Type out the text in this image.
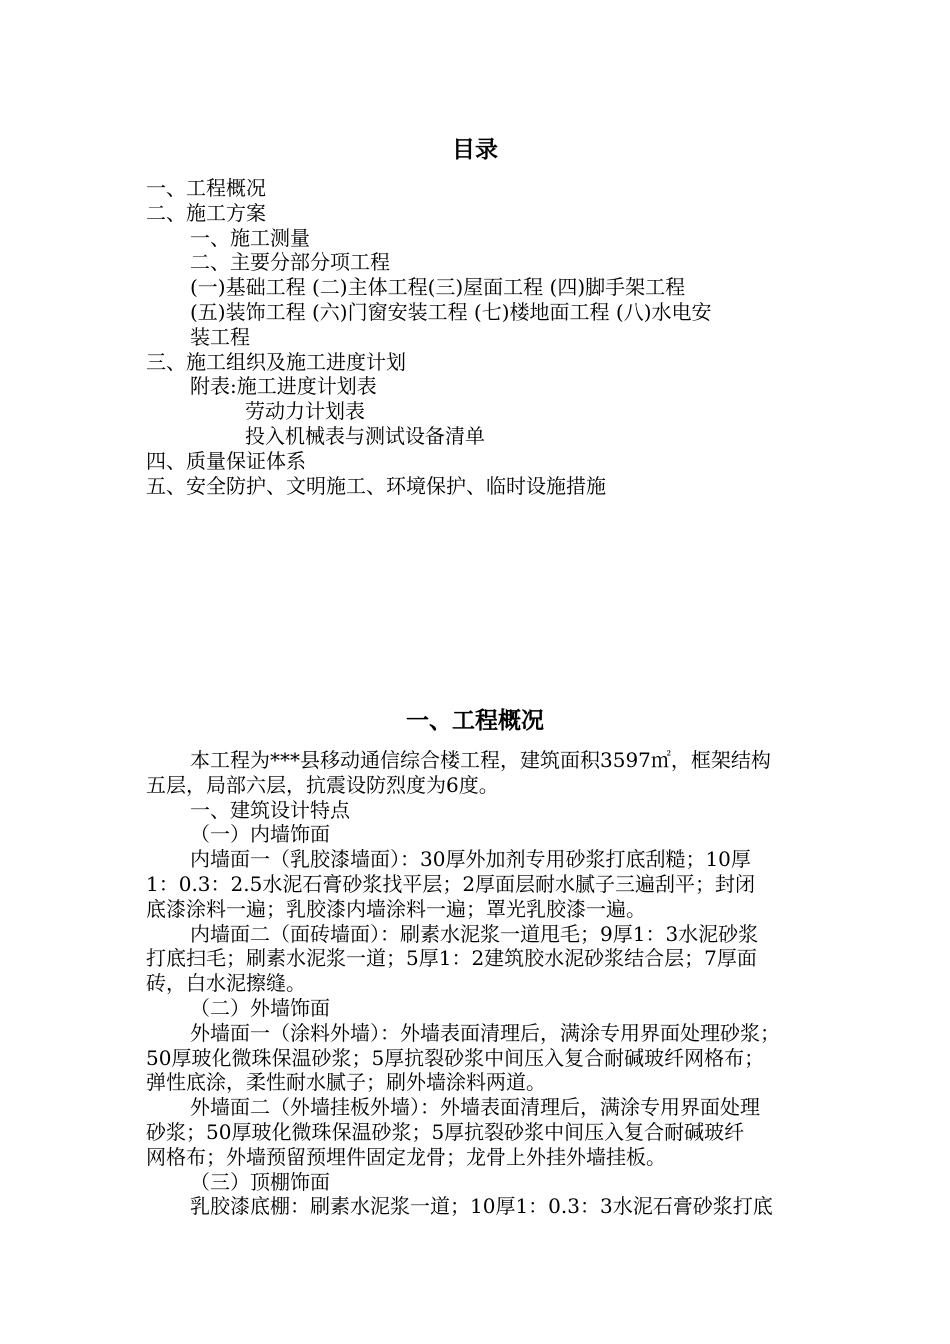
目录
一、工程概况
二、施工方案
一、施工测量
二、主要分部分项工程
(一)基础工程 (二)主体工程(三)屋面工程 (四)脚手架工程
(五)装饰工程 (六)门窗安装工程 (七)楼地面工程 (八)水电安
装工程
三、施工组织及施工进度计划
附表:施工进度计划表
劳动力计划表
投入机械表与测试设备清单
四、质量保证体系
五、安全防护、文明施工、环境保护、临时设施措施
一、工程概况
本工程为***县移动通信综合楼工程，建筑面积3597㎡，框架结构
五层，局部六层，抗震设防烈度为6度。
一、建筑设计特点
（一）内墙饰面
内墙面一（乳胶漆墙面）：30厚外加剂专用砂浆打底刮糙；10厚
1：0.3：2.5水泥石膏砂浆找平层；2厚面层耐水腻子三遍刮平；封闭
底漆涂料一遍；乳胶漆内墙涂料一遍；罩光乳胶漆一遍。
内墙面二（面砖墙面）：刷素水泥浆一道甩毛；9厚1：3水泥砂浆
打底扫毛；刷素水泥浆一道；5厚1：2建筑胶水泥砂浆结合层；7厚面
砖，白水泥擦缝。
（二）外墙饰面
外墙面一（涂料外墙）：外墙表面清理后，满涂专用界面处理砂浆；
50厚玻化微珠保温砂浆；5厚抗裂砂浆中间压入复合耐碱玻纤网格布；
弹性底涂，柔性耐水腻子；刷外墙涂料两道。
外墙面二（外墙挂板外墙）：外墙表面清理后，满涂专用界面处理
砂浆；50厚玻化微珠保温砂浆；5厚抗裂砂浆中间压入复合耐碱玻纤
网格布；外墙预留预埋件固定龙骨；龙骨上外挂外墙挂板。
（三）顶棚饰面
乳胶漆底棚：刷素水泥浆一道；10厚1：0.3：3水泥石膏砂浆打底
